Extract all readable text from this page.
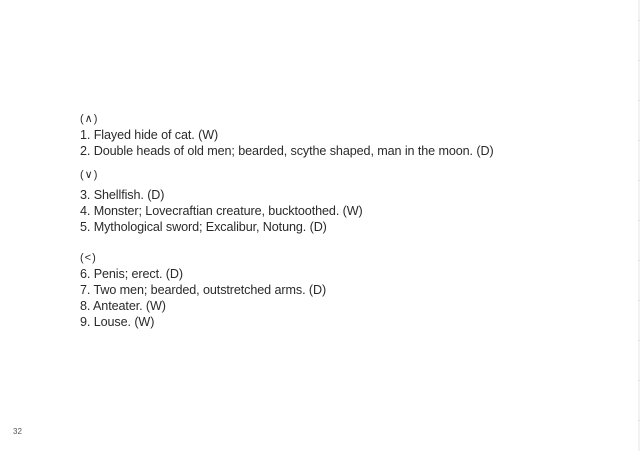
(∧)
1. Flayed hide of cat. (W)
2. Double heads of old men; bearded, scythe shaped, man in the moon. (D)
(∨)
3. Shellfish. (D)
4. Monster; Lovecraftian creature, bucktoothed. (W)
5. Mythological sword; Excalibur, Notung. (D)
(<)
6. Penis; erect. (D)
7. Two men; bearded, outstretched arms. (D)
8. Anteater. (W)
9. Louse. (W)
32
